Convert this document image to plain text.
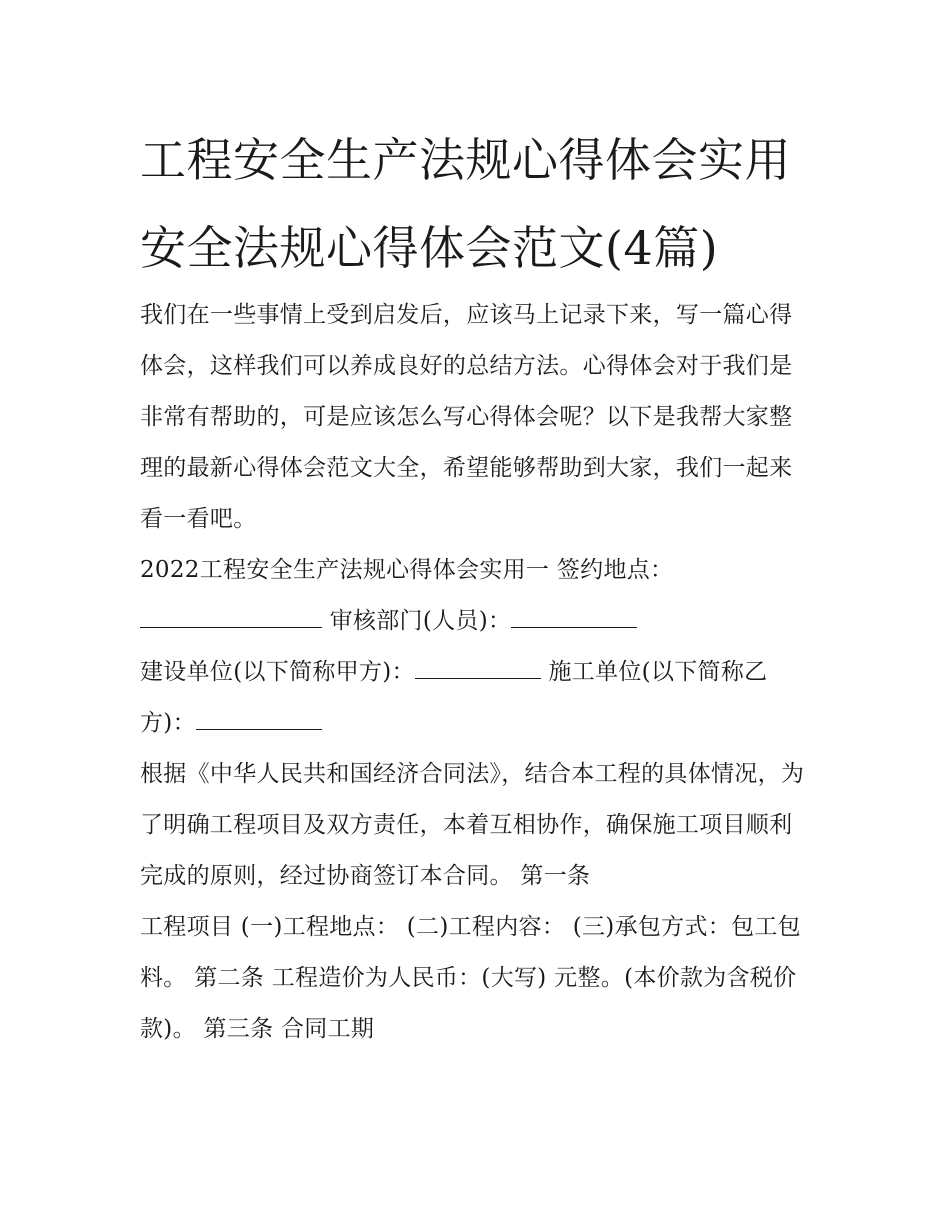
工程安全生产法规心得体会实用 安全法规心得体会范文(4篇)

我们在一些事情上受到启发后，应该马上记录下来，写一篇心得体会，这样我们可以养成良好的总结方法。心得体会对于我们是非常有帮助的，可是应该怎么写心得体会呢？以下是我帮大家整理的最新心得体会范文大全，希望能够帮助到大家，我们一起来看一看吧。

2022工程安全生产法规心得体会实用一 签约地点：

审核部门(人员)：

建设单位(以下简称甲方)：	施工单位(以下简称乙方)：

根据《中华人民共和国经济合同法》，结合本工程的具体情况，为了明确工程项目及双方责任，本着互相协作，确保施工项目顺利完成的原则，经过协商签订本合同。 第一条

工程项目 (一)工程地点： (二)工程内容： (三)承包方式：包工包料。 第二条 工程造价为人民币：(大写) 元整。(本价款为含税价款)。 第三条 合同工期
